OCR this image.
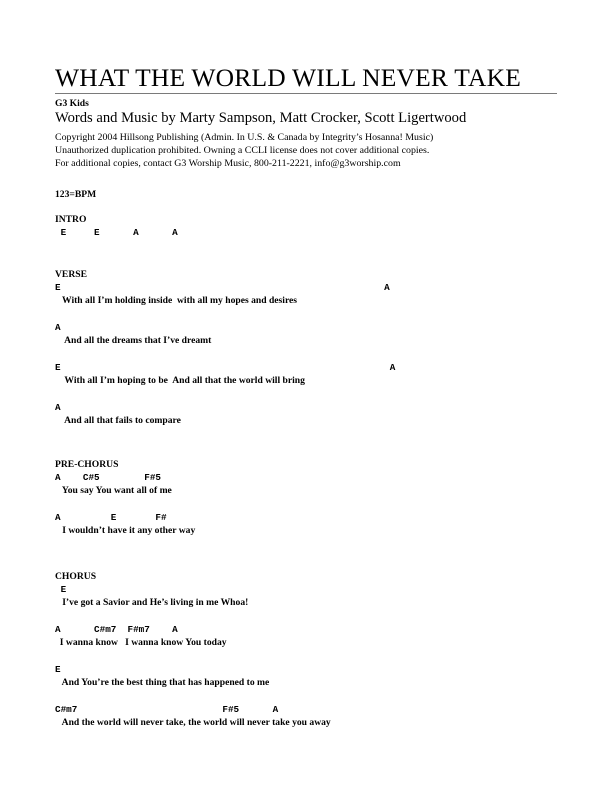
WHAT THE WORLD WILL NEVER TAKE
G3 Kids
Words and Music by Marty Sampson, Matt Crocker, Scott Ligertwood
Copyright 2004 Hillsong Publishing (Admin. In U.S. & Canada by Integrity’s Hosanna! Music)
Unauthorized duplication prohibited. Owning a CCLI license does not cover additional copies.
For additional copies, contact G3 Worship Music, 800-211-2221, info@g3worship.com
123=BPM
INTRO
E     E      A      A
VERSE
E                                                          A
With all I’m holding inside  with all my hopes and desires
A
And all the dreams that I’ve dreamt
E                                                           A
With all I’m hoping to be  And all that the world will bring
A
And all that fails to compare
PRE-CHORUS
A    C#5        F#5
You say You want all of me
A         E       F#
I wouldn’t have it any other way
CHORUS
E
I’ve got a Savior and He’s living in me Whoa!
A      C#m7  F#m7    A
I wanna know   I wanna know You today
E
And You’re the best thing that has happened to me
C#m7                          F#5      A
And the world will never take, the world will never take you away
